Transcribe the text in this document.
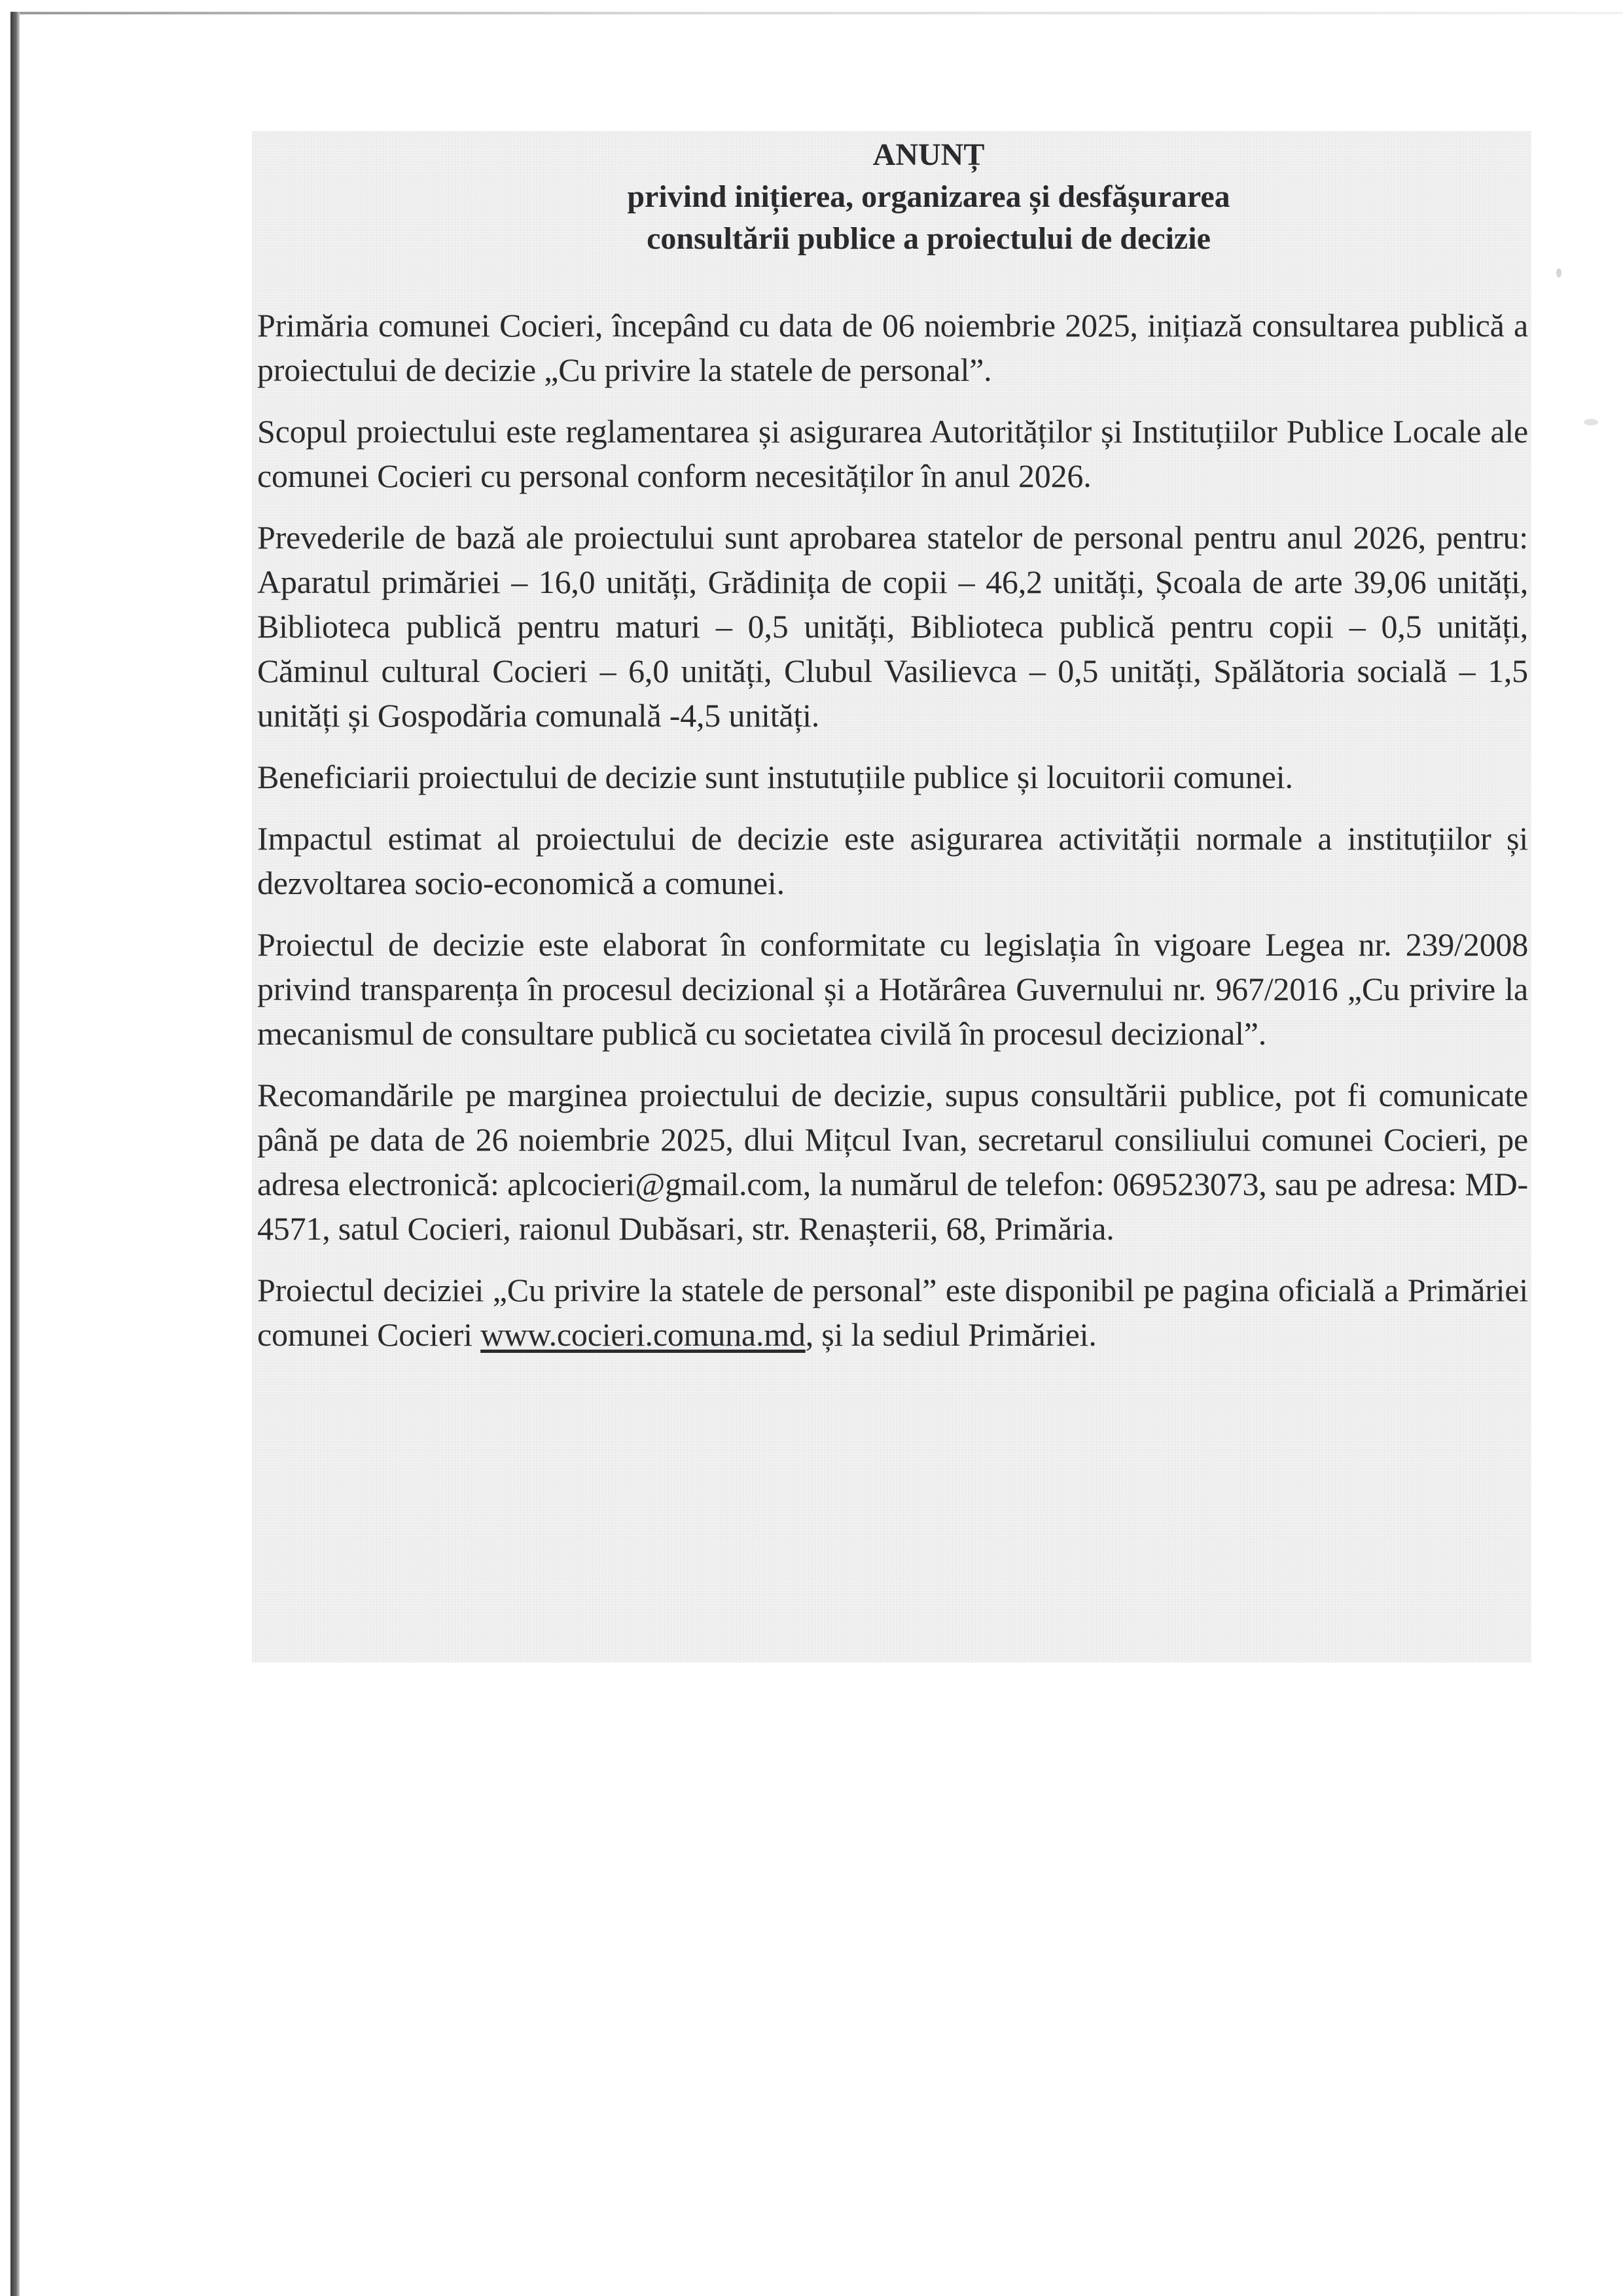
ANUNȚ
privind inițierea, organizarea și desfășurarea
consultării publice a proiectului de decizie

Primăria comunei Cocieri, începând cu data de 06 noiembrie 2025, inițiază consultarea publică a proiectului de decizie „Cu privire la statele de personal”.

Scopul proiectului este reglamentarea și asigurarea Autorităților și Instituțiilor Publice Locale ale comunei Cocieri cu personal conform necesităților în anul 2026.

Prevederile de bază ale proiectului sunt aprobarea statelor de personal pentru anul 2026, pentru: Aparatul primăriei – 16,0 unități, Grădinița de copii – 46,2 unități, Școala de arte 39,06 unități, Biblioteca publică pentru maturi – 0,5 unități, Biblioteca publică pentru copii – 0,5 unități, Căminul cultural Cocieri – 6,0 unități, Clubul Vasilievca – 0,5 unități, Spălătoria socială – 1,5 unități și Gospodăria comunală -4,5 unități.

Beneficiarii proiectului de decizie sunt instutuțiile publice și locuitorii comunei.

Impactul estimat al proiectului de decizie este asigurarea activității normale a instituțiilor și dezvoltarea socio-economică a comunei.

Proiectul de decizie este elaborat în conformitate cu legislația în vigoare Legea nr. 239/2008 privind transparența în procesul decizional și a Hotărârea Guvernului nr. 967/2016 „Cu privire la mecanismul de consultare publică cu societatea civilă în procesul decizional”.

Recomandările pe marginea proiectului de decizie, supus consultării publice, pot fi comunicate până pe data de 26 noiembrie 2025, dlui Mițcul Ivan, secretarul consiliului comunei Cocieri, pe adresa electronică: aplcocieri@gmail.com, la numărul de telefon: 069523073, sau pe adresa: MD-4571, satul Cocieri, raionul Dubăsari, str. Renașterii, 68, Primăria.

Proiectul deciziei „Cu privire la statele de personal” este disponibil pe pagina oficială a Primăriei comunei Cocieri www.cocieri.comuna.md, și la sediul Primăriei.
